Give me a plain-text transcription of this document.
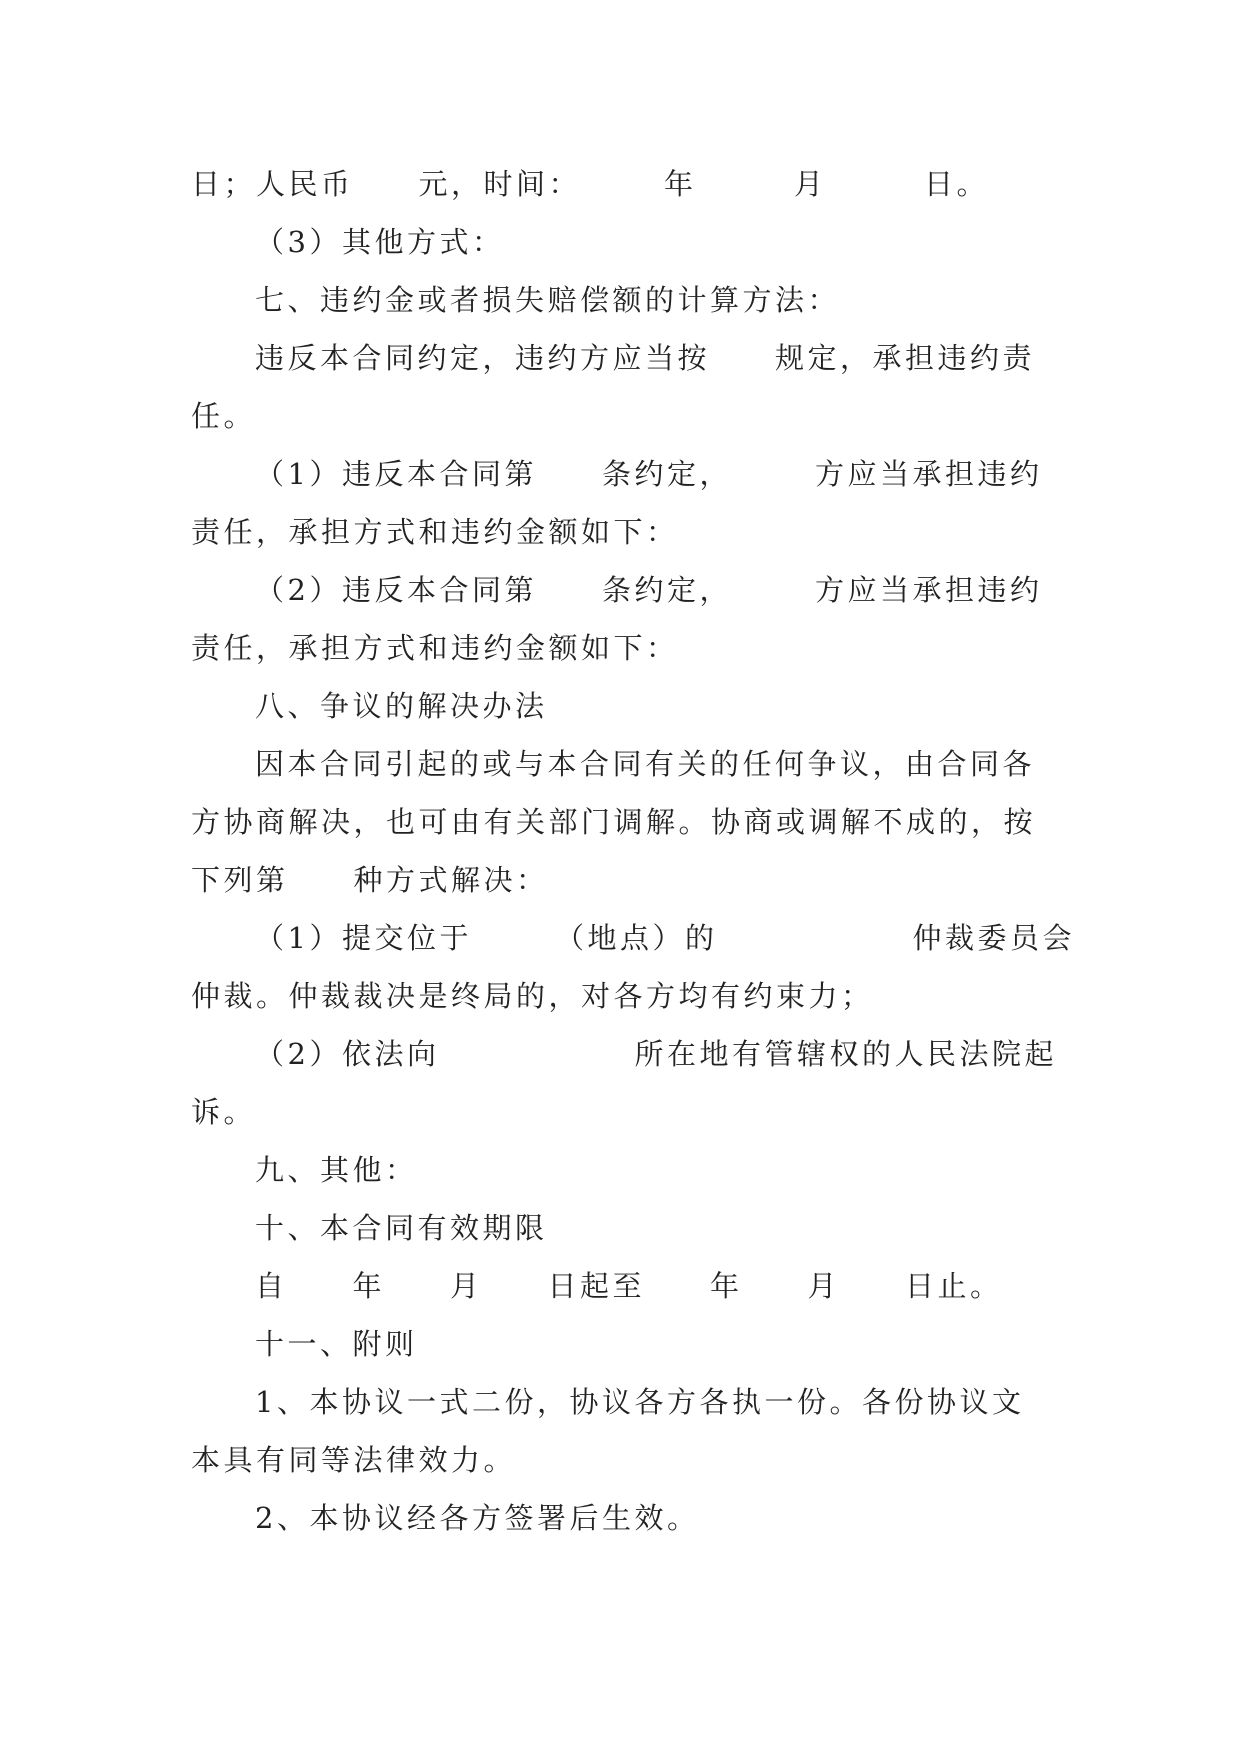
日；人民币　　元，时间：　　　年　　　月　　　日。
（3）其他方式：
七、违约金或者损失赔偿额的计算方法：
违反本合同约定，违约方应当按　　规定，承担违约责
任。
（1）违反本合同第　　条约定，　　　方应当承担违约
责任，承担方式和违约金额如下：
（2）违反本合同第　　条约定，　　　方应当承担违约
责任，承担方式和违约金额如下：
八、争议的解决办法
因本合同引起的或与本合同有关的任何争议，由合同各
方协商解决，也可由有关部门调解。协商或调解不成的，按
下列第　　种方式解决：
（1）提交位于　　　（地点）的　　　　　　仲裁委员会
仲裁。仲裁裁决是终局的，对各方均有约束力；
（2）依法向　　　　　　所在地有管辖权的人民法院起
诉。
九、其他：
十、本合同有效期限
自　　年　　月　　日起至　　年　　月　　日止。
十一、附则
1、本协议一式二份，协议各方各执一份。各份协议文
本具有同等法律效力。
2、本协议经各方签署后生效。
